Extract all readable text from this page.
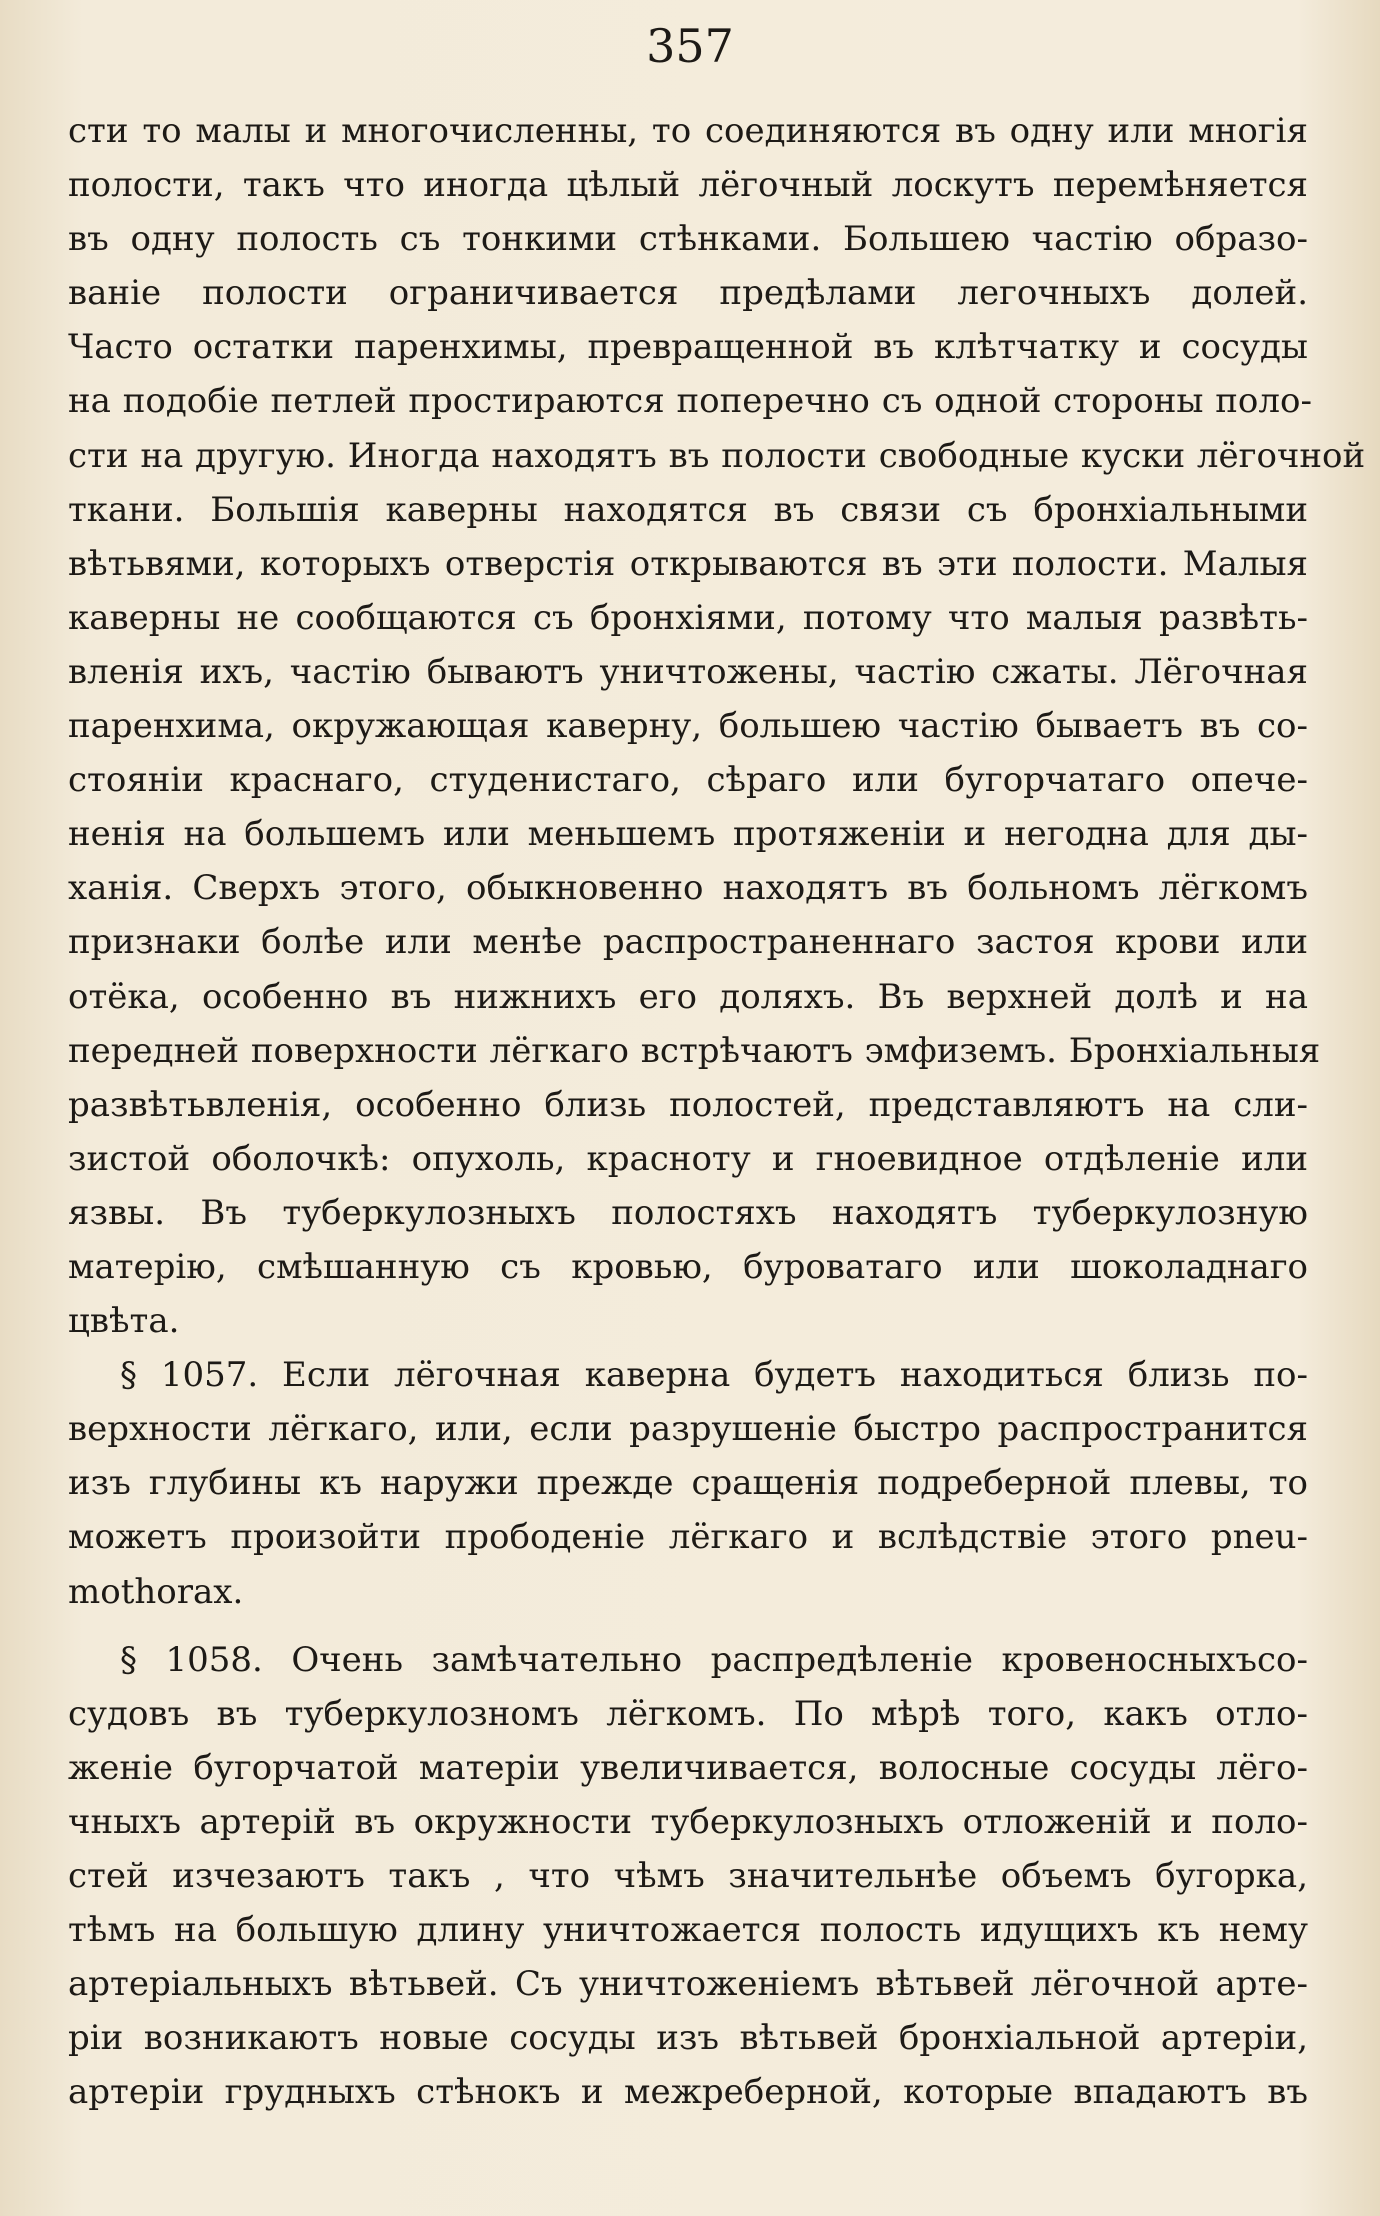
357
сти то малы и многочисленны, то соединяются въ одну или многія
полости, такъ что иногда цѣлый лёгочный лоскутъ перемѣняется
въ одну полость съ тонкими стѣнками. Большею частію образо-
ваніе полости ограничивается предѣлами легочныхъ долей.
Часто остатки паренхимы, превращенной въ клѣтчатку и сосуды
на подобіе петлей простираются поперечно съ одной стороны поло-
сти на другую. Иногда находятъ въ полости свободные куски лёгочной
ткани. Большія каверны находятся въ связи съ бронхіальными
вѣтьвями, которыхъ отверстія открываются въ эти полости. Малыя
каверны не сообщаются съ бронхіями, потому что малыя развѣть-
вленія ихъ, частію бываютъ уничтожены, частію сжаты. Лёгочная
паренхима, окружающая каверну, большею частію бываетъ въ со-
стояніи краснаго, студенистаго, сѣраго или бугорчатаго опече-
ненія на большемъ или меньшемъ протяженіи и негодна для ды-
ханія. Сверхъ этого, обыкновенно находятъ въ больномъ лёгкомъ
признаки болѣе или менѣе распространеннаго застоя крови или
отёка, особенно въ нижнихъ его доляхъ. Въ верхней долѣ и на
передней поверхности лёгкаго встрѣчаютъ эмфиземъ. Бронхіальныя
развѣтьвленія, особенно близь полостей, представляютъ на сли-
зистой оболочкѣ: опухоль, красноту и гноевидное отдѣленіе или
язвы. Въ туберкулозныхъ полостяхъ находятъ туберкулозную
матерію, смѣшанную съ кровью, буроватаго или шоколаднаго
цвѣта.
§ 1057. Если лёгочная каверна будетъ находиться близь по-
верхности лёгкаго, или, если разрушеніе быстро распространится
изъ глубины къ наружи прежде сращенія подреберной плевы, то
можетъ произойти прободеніе лёгкаго и вслѣдствіе этого pneu-
mothorax.
§ 1058. Очень замѣчательно распредѣленіе кровеносныхъсо-
судовъ въ туберкулозномъ лёгкомъ. По мѣрѣ того, какъ отло-
женіе бугорчатой матеріи увеличивается, волосные сосуды лёго-
чныхъ артерій въ окружности туберкулозныхъ отложеній и поло-
стей изчезаютъ такъ , что чѣмъ значительнѣе объемъ бугорка,
тѣмъ на большую длину уничтожается полость идущихъ къ нему
артеріальныхъ вѣтьвей. Съ уничтоженіемъ вѣтьвей лёгочной арте-
ріи возникаютъ новые сосуды изъ вѣтьвей бронхіальной артеріи,
артеріи грудныхъ стѣнокъ и межреберной, которые впадаютъ въ
